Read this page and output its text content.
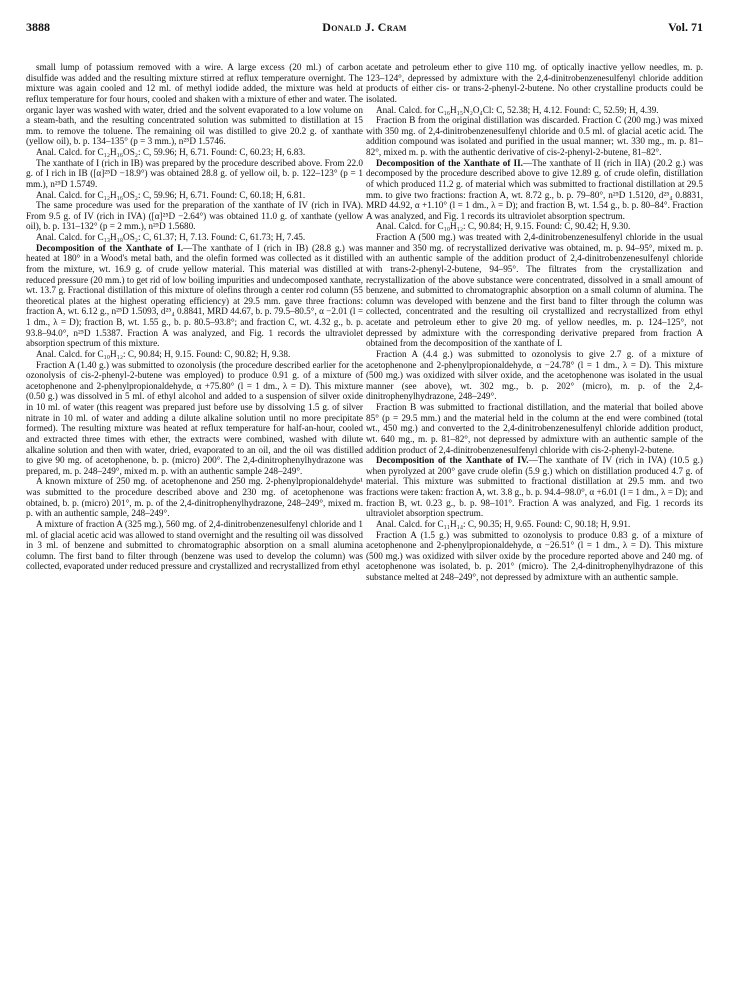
3888	Donald J. Cram	Vol. 71

small lump of potassium removed with a wire. A large excess (20 ml.) of carbon disulfide was added and the resulting mixture stirred at reflux temperature overnight. The mixture was again cooled and 12 ml. of methyl iodide added, the mixture was held at reflux temperature for four hours, cooled and shaken with a mixture of ether and water. The organic layer was washed with water, dried and the solvent evaporated to a low volume on a steam-bath, and the resulting concentrated solution was submitted to distillation at 15 mm. to remove the toluene. The remaining oil was distilled to give 20.2 g. of xanthate (yellow oil), b. p. 134–135° (p = 3 mm.), n²⁵D 1.5746.

Anal. Calcd. for C₁₂H₁₆OS₂: C, 59.96; H, 6.71. Found: C, 60.23; H, 6.83.

The xanthate of I (rich in IB) was prepared by the procedure described above. From 22.0 g. of I rich in IB ([α]²⁵D −18.9°) was obtained 28.8 g. of yellow oil, b. p. 122–123° (p = 1 mm.), n²⁵D 1.5749.

Anal. Calcd. for C₁₂H₁₆OS₂: C, 59.96; H, 6.71. Found: C, 60.18; H, 6.81.

The same procedure was used for the preparation of the xanthate of IV (rich in IVA). From 9.5 g. of IV (rich in IVA) ([α]²⁵D −2.64°) was obtained 11.0 g. of xanthate (yellow oil), b. p. 131–132° (p = 2 mm.), n²⁵D 1.5680.

Anal. Calcd. for C₁₃H₁₈OS₂: C, 61.37; H, 7.13. Found: C, 61.73; H, 7.45.

Decomposition of the Xanthate of I.—The xanthate of I (rich in IB) (28.8 g.) was heated at 180° in a Wood's metal bath, and the olefin formed was collected as it distilled from the mixture, wt. 16.9 g. of crude yellow material. This material was distilled at reduced pressure (20 mm.) to get rid of low boiling impurities and undecomposed xanthate, wt. 13.7 g. Fractional distillation of this mixture of olefins through a center rod column (55 theoretical plates at the highest operating efficiency) at 29.5 mm. gave three fractions: fraction A, wt. 6.12 g., n²⁵D 1.5093, d²⁵₄ 0.8841, MRD 44.67, b. p. 79.5–80.5°, α −2.01 (l = 1 dm., λ = D); fraction B, wt. 1.55 g., b. p. 80.5–93.8°; and fraction C, wt. 4.32 g., b. p. 93.8–94.0°, n²⁵D 1.5387. Fraction A was analyzed, and Fig. 1 records the ultraviolet absorption spectrum of this mixture.

Anal. Calcd. for C₁₀H₁₂: C, 90.84; H, 9.15. Found: C, 90.82; H, 9.38.

Fraction A (1.40 g.) was submitted to ozonolysis (the procedure described earlier for the ozonolysis of cis-2-phenyl-2-butene was employed) to produce 0.91 g. of a mixture of acetophenone and 2-phenylpropionaldehyde, α +75.80° (l = 1 dm., λ = D). This mixture (0.50 g.) was dissolved in 5 ml. of ethyl alcohol and added to a suspension of silver oxide in 10 ml. of water (this reagent was prepared just before use by dissolving 1.5 g. of silver nitrate in 10 ml. of water and adding a dilute alkaline solution until no more precipitate formed). The resulting mixture was heated at reflux temperature for half-an-hour, cooled and extracted three times with ether, the extracts were combined, washed with dilute alkaline solution and then with water, dried, evaporated to an oil, and the oil was distilled to give 90 mg. of acetophenone, b. p. (micro) 200°. The 2,4-dinitrophenylhydrazone was prepared, m. p. 248–249°, mixed m. p. with an authentic sample 248–249°.

A known mixture of 250 mg. of acetophenone and 250 mg. 2-phenylpropionaldehyde¹ was submitted to the procedure described above and 230 mg. of acetophenone was obtained, b. p. (micro) 201°, m. p. of the 2,4-dinitrophenylhydrazone, 248–249°, mixed m. p. with an authentic sample, 248–249°.

A mixture of fraction A (325 mg.), 560 mg. of 2,4-dinitrobenzenesulfenyl chloride and 1 ml. of glacial acetic acid was allowed to stand overnight and the resulting oil was dissolved in 3 ml. of benzene and submitted to chromatographic absorption on a small alumina column. The first band to filter through (benzene was used to develop the column) was collected, evaporated under reduced pressure and crystallized and recrystallized from ethyl

acetate and petroleum ether to give 110 mg. of optically inactive yellow needles, m. p. 123–124°, depressed by admixture with the 2,4-dinitrobenzenesulfenyl chloride addition products of either cis- or trans-2-phenyl-2-butene. No other crystalline products could be isolated.

Anal. Calcd. for C₁₆H₁₅N₂O₄Cl: C, 52.38; H, 4.12. Found: C, 52.59; H, 4.39.

Fraction B from the original distillation was discarded. Fraction C (200 mg.) was mixed with 350 mg. of 2,4-dinitrobenzenesulfenyl chloride and 0.5 ml. of glacial acetic acid. The addition compound was isolated and purified in the usual manner; wt. 330 mg., m. p. 81–82°, mixed m. p. with the authentic derivative of cis-2-phenyl-2-butene, 81–82°.

Decomposition of the Xanthate of II.—The xanthate of II (rich in IIA) (20.2 g.) was decomposed by the procedure described above to give 12.89 g. of crude olefin, distillation of which produced 11.2 g. of material which was submitted to fractional distillation at 29.5 mm. to give two fractions: fraction A, wt. 8.72 g., b. p. 79–80°, n²⁵D 1.5120, d²⁵₄ 0.8831, MRD 44.92, α +1.10° (l = 1 dm., λ = D); and fraction B, wt. 1.54 g., b. p. 80–84°. Fraction A was analyzed, and Fig. 1 records its ultraviolet absorption spectrum.

Anal. Calcd. for C₁₀H₁₂: C, 90.84; H, 9.15. Found: C, 90.42; H, 9.30.

Fraction A (500 mg.) was treated with 2,4-dinitrobenzenesulfenyl chloride in the usual manner and 350 mg. of recrystallized derivative was obtained, m. p. 94–95°, mixed m. p. with an authentic sample of the addition product of 2,4-dinitrobenzenesulfenyl chloride with trans-2-phenyl-2-butene, 94–95°. The filtrates from the crystallization and recrystallization of the above substance were concentrated, dissolved in a small amount of benzene, and submitted to chromatographic absorption on a small column of alumina. The column was developed with benzene and the first band to filter through the column was collected, concentrated and the resulting oil crystallized and recrystallized from ethyl acetate and petroleum ether to give 20 mg. of yellow needles, m. p. 124–125°, not depressed by admixture with the corresponding derivative prepared from fraction A obtained from the decomposition of the xanthate of I.

Fraction A (4.4 g.) was submitted to ozonolysis to give 2.7 g. of a mixture of acetophenone and 2-phenylpropionaldehyde, α −24.78° (l = 1 dm., λ = D). This mixture (500 mg.) was oxidized with silver oxide, and the acetophenone was isolated in the usual manner (see above), wt. 302 mg., b. p. 202° (micro), m. p. of the 2,4-dinitrophenylhydrazone, 248–249°.

Fraction B was submitted to fractional distillation, and the material that boiled above 85° (p = 29.5 mm.) and the material held in the column at the end were combined (total wt., 450 mg.) and converted to the 2,4-dinitrobenzenesulfenyl chloride addition product, wt. 640 mg., m. p. 81–82°, not depressed by admixture with an authentic sample of the addition product of 2,4-dinitrobenzenesulfenyl chloride with cis-2-phenyl-2-butene.

Decomposition of the Xanthate of IV.—The xanthate of IV (rich in IVA) (10.5 g.) when pyrolyzed at 200° gave crude olefin (5.9 g.) which on distillation produced 4.7 g. of material. This mixture was submitted to fractional distillation at 29.5 mm. and two fractions were taken: fraction A, wt. 3.8 g., b. p. 94.4–98.0°, α +6.01 (l = 1 dm., λ = D); and fraction B, wt. 0.23 g., b. p. 98–101°. Fraction A was analyzed, and Fig. 1 records its ultraviolet absorption spectrum.

Anal. Calcd. for C₁₁H₁₄: C, 90.35; H, 9.65. Found: C, 90.18; H, 9.91.

Fraction A (1.5 g.) was submitted to ozonolysis to produce 0.83 g. of a mixture of acetophenone and 2-phenylpropionaldehyde, α −26.51° (l = 1 dm., λ = D). This mixture (500 mg.) was oxidized with silver oxide by the procedure reported above and 240 mg. of acetophenone was isolated, b. p. 201° (micro). The 2,4-dinitrophenylhydrazone of this substance melted at 248–249°, not depressed by admixture with an authentic sample.
